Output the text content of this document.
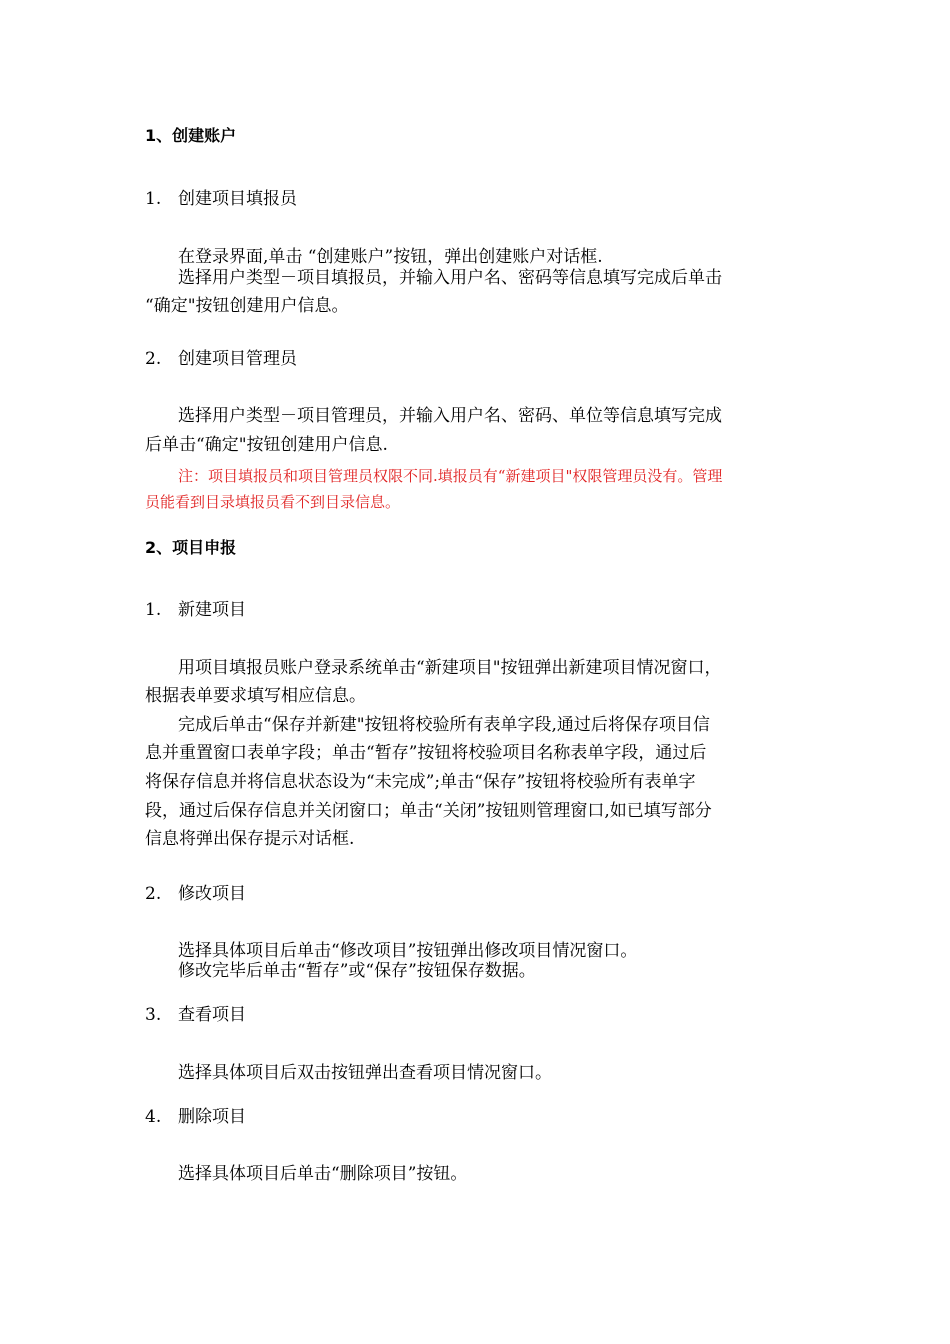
1、创建账户
1. 创建项目填报员
在登录界面,单击 “创建账户”按钮，弹出创建账户对话框.
选择用户类型－项目填报员，并输入用户名、密码等信息填写完成后单击
“确定"按钮创建用户信息。
2. 创建项目管理员
选择用户类型－项目管理员，并输入用户名、密码、单位等信息填写完成
后单击“确定"按钮创建用户信息.
注：项目填报员和项目管理员权限不同.填报员有“新建项目"权限管理员没有。管理
员能看到目录填报员看不到目录信息。
2、项目申报
1. 新建项目
用项目填报员账户登录系统单击“新建项目"按钮弹出新建项目情况窗口，
根据表单要求填写相应信息。
完成后单击“保存并新建"按钮将校验所有表单字段,通过后将保存项目信
息并重置窗口表单字段；单击“暂存”按钮将校验项目名称表单字段，通过后
将保存信息并将信息状态设为“未完成”;单击“保存”按钮将校验所有表单字
段，通过后保存信息并关闭窗口；单击“关闭”按钮则管理窗口,如已填写部分
信息将弹出保存提示对话框.
2. 修改项目
选择具体项目后单击“修改项目”按钮弹出修改项目情况窗口。
修改完毕后单击“暂存”或“保存”按钮保存数据。
3. 查看项目
选择具体项目后双击按钮弹出查看项目情况窗口。
4. 删除项目
选择具体项目后单击“删除项目”按钮。
